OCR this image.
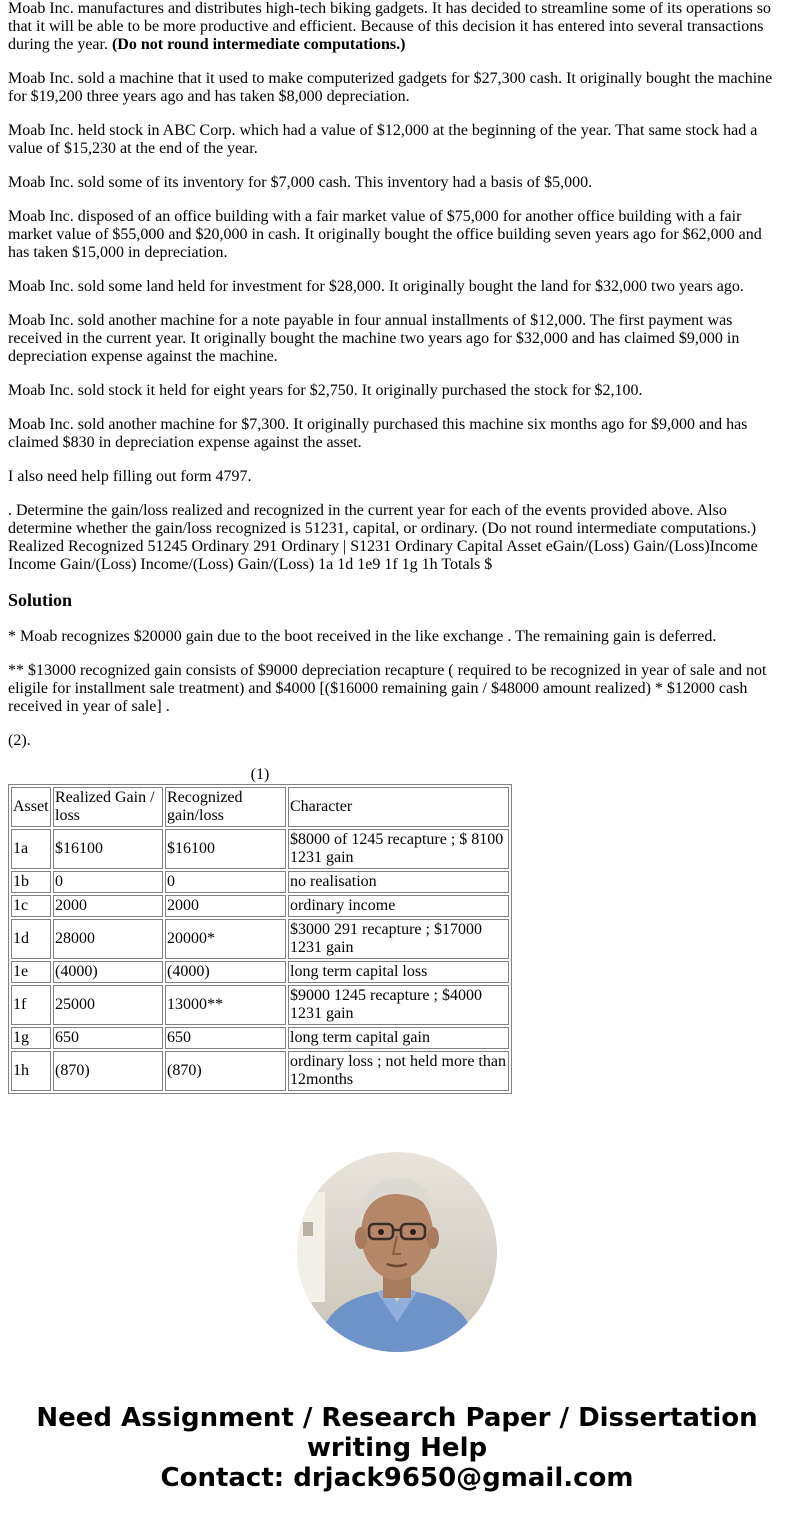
Moab Inc. manufactures and distributes high-tech biking gadgets. It has decided to streamline some of its operations so that it will be able to be more productive and efficient. Because of this decision it has entered into several transactions during the year. (Do not round intermediate computations.)

Moab Inc. sold a machine that it used to make computerized gadgets for $27,300 cash. It originally bought the machine for $19,200 three years ago and has taken $8,000 depreciation.

Moab Inc. held stock in ABC Corp. which had a value of $12,000 at the beginning of the year. That same stock had a value of $15,230 at the end of the year.

Moab Inc. sold some of its inventory for $7,000 cash. This inventory had a basis of $5,000.

Moab Inc. disposed of an office building with a fair market value of $75,000 for another office building with a fair market value of $55,000 and $20,000 in cash. It originally bought the office building seven years ago for $62,000 and has taken $15,000 in depreciation.

Moab Inc. sold some land held for investment for $28,000. It originally bought the land for $32,000 two years ago.

Moab Inc. sold another machine for a note payable in four annual installments of $12,000. The first payment was received in the current year. It originally bought the machine two years ago for $32,000 and has claimed $9,000 in depreciation expense against the machine.

Moab Inc. sold stock it held for eight years for $2,750. It originally purchased the stock for $2,100.

Moab Inc. sold another machine for $7,300. It originally purchased this machine six months ago for $9,000 and has claimed $830 in depreciation expense against the asset.

I also need help filling out form 4797.

. Determine the gain/loss realized and recognized in the current year for each of the events provided above. Also determine whether the gain/loss recognized is 51231, capital, or ordinary. (Do not round intermediate computations.) Realized Recognized 51245 Ordinary 291 Ordinary | S1231 Ordinary Capital Asset eGain/(Loss) Gain/(Loss)Income Income Gain/(Loss) Income/(Loss) Gain/(Loss) 1a 1d 1e9 1f 1g 1h Totals $

Solution

* Moab recognizes $20000 gain due to the boot received in the like exchange . The remaining gain is deferred.

** $13000 recognized gain consists of $9000 depreciation recapture ( required to be recognized in year of sale and not eligile for installment sale treatment) and $4000 [($16000 remaining gain / $48000 amount realized) * $12000 cash received in year of sale] .

(2).

(1)
Asset	Realized Gain / loss	Recognized gain/loss	Character
1a	$16100	$16100	$8000 of 1245 recapture ; $ 8100 1231 gain
1b	0	0	no realisation
1c	2000	2000	ordinary income
1d	28000	20000*	$3000 291 recapture ; $17000 1231 gain
1e	(4000)	(4000)	long term capital loss
1f	25000	13000**	$9000 1245 recapture ; $4000 1231 gain
1g	650	650	long term capital gain
1h	(870)	(870)	ordinary loss ; not held more than 12months
Need Assignment / Research Paper / Dissertation
writing Help
Contact: drjack9650@gmail.com
